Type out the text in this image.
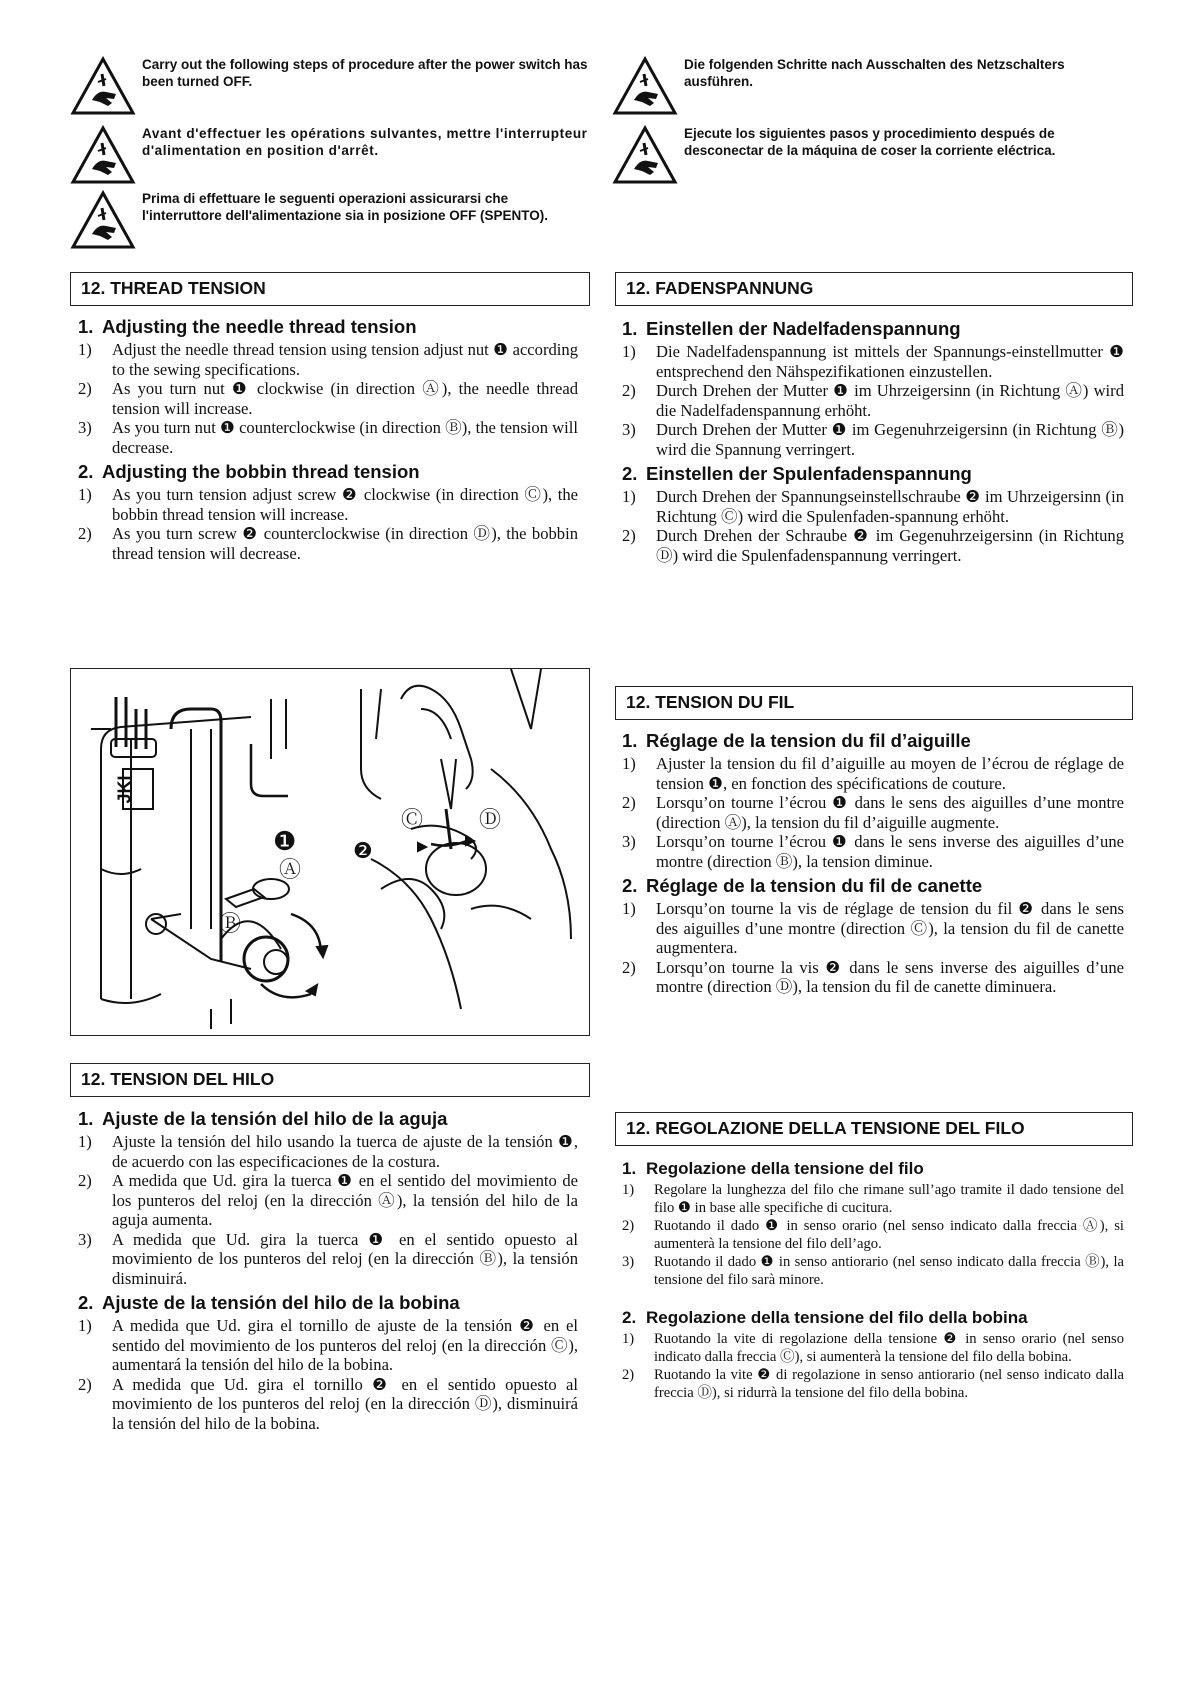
Carry out the following steps of procedure after the power switch has been turned OFF.
Die folgenden Schritte nach Ausschalten des Netzschalters ausführen.
Avant d'effectuer les opérations sulvantes, mettre l'interrupteur d'alimentation en position d'arrêt.
Ejecute los siguientes pasos y procedimiento después de desconectar de la máquina de coser la corriente eléctrica.
Prima di effettuare le seguenti operazioni assicurarsi che l'interruttore dell'alimentazione sia in posizione OFF (SPENTO).
12. THREAD TENSION
1. Adjusting the needle thread tension
1)	Adjust the needle thread tension using tension adjust nut ❶ according to the sewing specifications.
2)	As you turn nut ❶ clockwise (in direction Ⓐ), the needle thread tension will increase.
3)	As you turn nut ❶ counterclockwise (in direction Ⓑ), the tension will decrease.
2. Adjusting the bobbin thread tension
1)	As you turn tension adjust screw ❷ clockwise (in direction Ⓒ), the bobbin thread tension will increase.
2)	As you turn screw ❷ counterclockwise (in direction Ⓓ), the bobbin thread tension will decrease.
12. FADENSPANNUNG
1. Einstellen der Nadelfadenspannung
1)	Die Nadelfadenspannung ist mittels der Spannungs-einstellmutter ❶ entsprechend den Nähspezifikationen einzustellen.
2)	Durch Drehen der Mutter ❶ im Uhrzeigersinn (in Richtung Ⓐ) wird die Nadelfadenspannung erhöht.
3)	Durch Drehen der Mutter ❶ im Gegenuhrzeigersinn (in Richtung Ⓑ) wird die Spannung verringert.
2. Einstellen der Spulenfadenspannung
1)	Durch Drehen der Spannungseinstellschraube ❷ im Uhrzeigersinn (in Richtung Ⓒ) wird die Spulenfaden-spannung erhöht.
2)	Durch Drehen der Schraube ❷ im Gegenuhrzeigersinn (in Richtung Ⓓ) wird die Spulenfadenspannung verringert.
❶
Ⓐ
Ⓑ
❷
Ⓒ	Ⓓ
JKI
12. TENSION DU FIL
1. Réglage de la tension du fil d’aiguille
1)	Ajuster la tension du fil d’aiguille au moyen de l’écrou de réglage de tension ❶, en fonction des spécifications de couture.
2)	Lorsqu’on tourne l’écrou ❶ dans le sens des aiguilles d’une montre (direction Ⓐ), la tension du fil d’aiguille augmente.
3)	Lorsqu’on tourne l’écrou ❶ dans le sens inverse des aiguilles d’une montre (direction Ⓑ), la tension diminue.
2. Réglage de la tension du fil de canette
1)	Lorsqu’on tourne la vis de réglage de tension du fil ❷ dans le sens des aiguilles d’une montre (direction Ⓒ), la tension du fil de canette augmentera.
2)	Lorsqu’on tourne la vis ❷ dans le sens inverse des aiguilles d’une montre (direction Ⓓ), la tension du fil de canette diminuera.
12. TENSION DEL HILO
1. Ajuste de la tensión del hilo de la aguja
1)	Ajuste la tensión del hilo usando la tuerca de ajuste de la tensión ❶, de acuerdo con las especificaciones de la costura.
2)	A medida que Ud. gira la tuerca ❶ en el sentido del movimiento de los punteros del reloj (en la dirección Ⓐ), la tensión del hilo de la aguja aumenta.
3)	A medida que Ud. gira la tuerca ❶ en el sentido opuesto al movimiento de los punteros del reloj (en la dirección Ⓑ), la tensión disminuirá.
2. Ajuste de la tensión del hilo de la bobina
1)	A medida que Ud. gira el tornillo de ajuste de la tensión ❷ en el sentido del movimiento de los punteros del reloj (en la dirección Ⓒ), aumentará la tensión del hilo de la bobina.
2)	A medida que Ud. gira el tornillo ❷ en el sentido opuesto al movimiento de los punteros del reloj (en la dirección Ⓓ), disminuirá la tensión del hilo de la bobina.
12. REGOLAZIONE DELLA TENSIONE DEL FILO
1. Regolazione della tensione del filo
1)	Regolare la lunghezza del filo che rimane sull’ago tramite il dado tensione del filo ❶ in base alle specifiche di cucitura.
2)	Ruotando il dado ❶ in senso orario (nel senso indicato dalla freccia Ⓐ), si aumenterà la tensione del filo dell’ago.
3)	Ruotando il dado ❶ in senso antiorario (nel senso indicato dalla freccia Ⓑ), la tensione del filo sarà minore.
2. Regolazione della tensione del filo della bobina
1)	Ruotando la vite di regolazione della tensione ❷ in senso orario (nel senso indicato dalla freccia Ⓒ), si aumenterà la tensione del filo della bobina.
2)	Ruotando la vite ❷ di regolazione in senso antiorario (nel senso indicato dalla freccia Ⓓ), si ridurrà la tensione del filo della bobina.
